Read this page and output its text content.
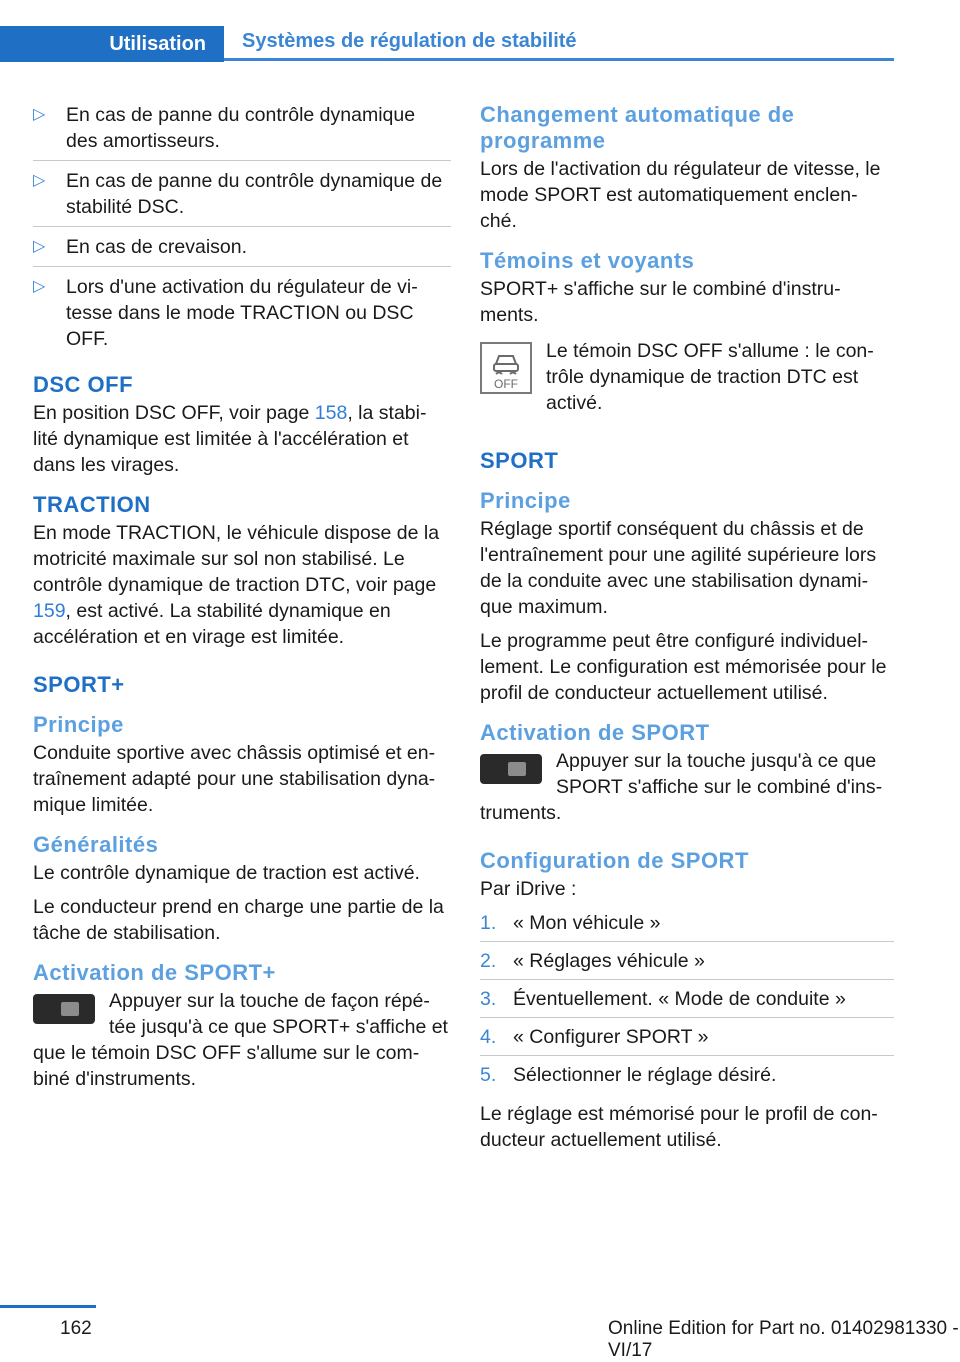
Utilisation	Systèmes de régulation de stabilité
▷ En cas de panne du contrôle dynamique des amortisseurs.
▷ En cas de panne du contrôle dynamique de stabilité DSC.
▷ En cas de crevaison.
▷ Lors d'une activation du régulateur de vi‐tesse dans le mode TRACTION ou DSC OFF.
DSC OFF

En position DSC OFF, voir page 158, la stabi‐lité dynamique est limitée à l'accélération et dans les virages.

TRACTION

En mode TRACTION, le véhicule dispose de la motricité maximale sur sol non stabilisé. Le contrôle dynamique de traction DTC, voir page 159, est activé. La stabilité dynamique en accélération et en virage est limitée.

SPORT+
Principe

Conduite sportive avec châssis optimisé et en‐traînement adapté pour une stabilisation dyna‐mique limitée.

Généralités

Le contrôle dynamique de traction est activé.

Le conducteur prend en charge une partie de la tâche de stabilisation.

Activation de SPORT+

Appuyer sur la touche de façon répé‐tée jusqu'à ce que SPORT+ s'affiche et que le témoin DSC OFF s'allume sur le com‐biné d'instruments.

Changement automatique de programme

Lors de l'activation du régulateur de vitesse, le mode SPORT est automatiquement enclen‐ché.

Témoins et voyants

SPORT+ s'affiche sur le combiné d'instru‐ments.

OFF

Le témoin DSC OFF s'allume : le con‐trôle dynamique de traction DTC est activé.

SPORT
Principe

Réglage sportif conséquent du châssis et de l'entraînement pour une agilité supérieure lors de la conduite avec une stabilisation dynami‐que maximum.

Le programme peut être configuré individuel‐lement. Le configuration est mémorisée pour le profil de conducteur actuellement utilisé.

Activation de SPORT

Appuyer sur la touche jusqu'à ce que SPORT s'affiche sur le combiné d'ins‐truments.

Configuration de SPORT

Par iDrive :

1. « Mon véhicule »
2. « Réglages véhicule »
3. Éventuellement. « Mode de conduite »
4. « Configurer SPORT »
5. Sélectionner le réglage désiré.

Le réglage est mémorisé pour le profil de con‐ducteur actuellement utilisé.

162	Online Edition for Part no. 01402981330 - VI/17
